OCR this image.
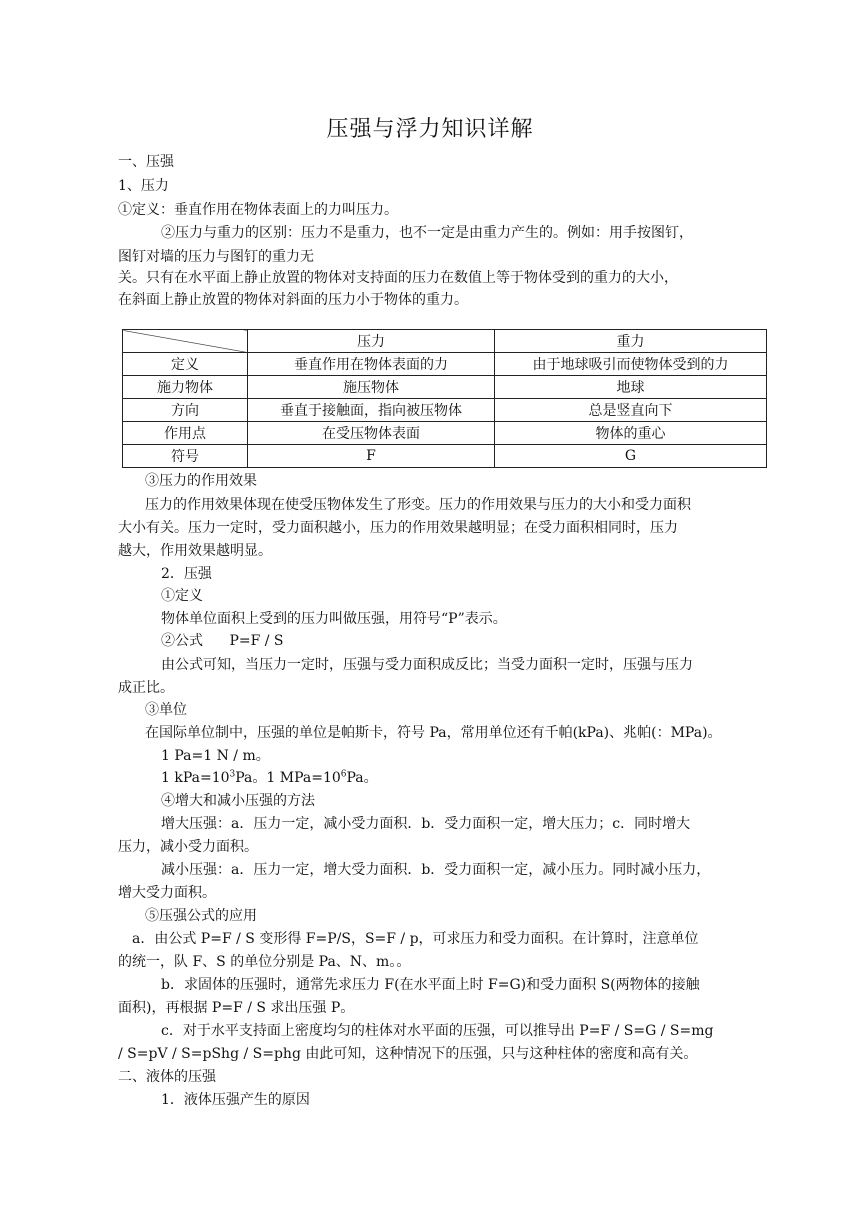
压强与浮力知识详解
一、压强
1、压力
①定义：垂直作用在物体表面上的力叫压力。
②压力与重力的区别：压力不是重力，也不一定是由重力产生的。例如：用手按图钉，
图钉对墙的压力与图钉的重力无
关。只有在水平面上静止放置的物体对支持面的压力在数值上等于物体受到的重力的大小，
在斜面上静止放置的物体对斜面的压力小于物体的重力。
	压力	重力
定义	垂直作用在物体表面的力	由于地球吸引而使物体受到的力
施力物体	施压物体	地球
方向	垂直于接触面，指向被压物体	总是竖直向下
作用点	在受压物体表面	物体的重心
符号	F	G
③压力的作用效果
压力的作用效果体现在使受压物体发生了形变。压力的作用效果与压力的大小和受力面积
大小有关。压力一定时，受力面积越小，压力的作用效果越明显；在受力面积相同时，压力
越大，作用效果越明显。
2．压强
①定义
物体单位面积上受到的压力叫做压强，用符号“P”表示。
②公式 P=F / S
由公式可知，当压力一定时，压强与受力面积成反比；当受力面积一定时，压强与压力
成正比。
③单位
在国际单位制中，压强的单位是帕斯卡，符号 Pa，常用单位还有千帕(kPa)、兆帕(：MPa)。
1 Pa=1 N / m。
1 $kPa=10^3Pa$。1 $MPa=10^6Pa$。
④增大和减小压强的方法
增大压强：a．压力一定，减小受力面积．b．受力面积一定，增大压力；c．同时增大
压力，减小受力面积。
减小压强：a．压力一定，增大受力面积．b．受力面积一定，减小压力。同时减小压力，
增大受力面积。
⑤压强公式的应用
a．由公式 P=F / S 变形得 F=P/S，S=F / p，可求压力和受力面积。在计算时，注意单位
的统一，队 F、S 的单位分别是 Pa、N、m。。
b．求固体的压强时，通常先求压力 F(在水平面上时 F=G)和受力面积 S(两物体的接触
面积)，再根据 P=F / S 求出压强 P。
c．对于水平支持面上密度均匀的柱体对水平面的压强，可以推导出 P=F / S=G / S=mg
/ S=pV / S=pShg / S=phg 由此可知，这种情况下的压强，只与这种柱体的密度和高有关。
二、液体的压强
1．液体压强产生的原因
